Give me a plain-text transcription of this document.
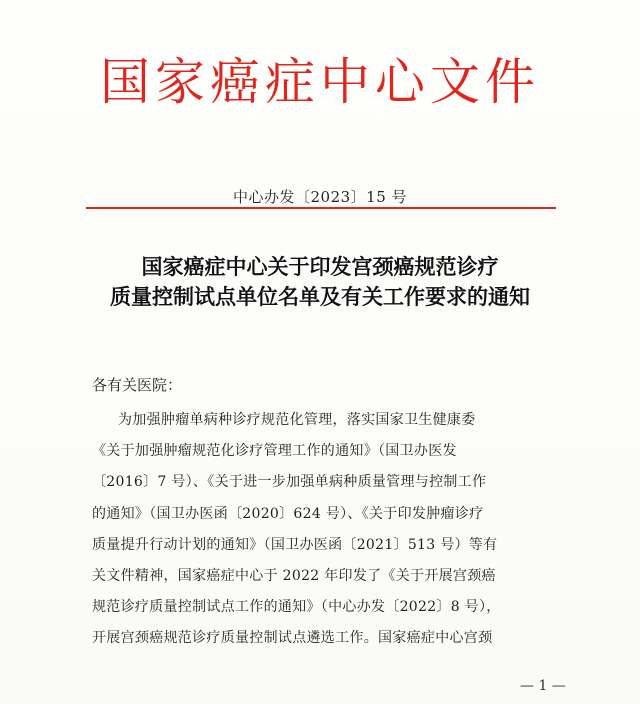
国家癌症中心文件
中心办发〔2023〕15 号
国家癌症中心关于印发宫颈癌规范诊疗
质量控制试点单位名单及有关工作要求的通知
各有关医院：
为加强肿瘤单病种诊疗规范化管理，落实国家卫生健康委
《关于加强肿瘤规范化诊疗管理工作的通知》（国卫办医发
〔2016〕7 号）、《关于进一步加强单病种质量管理与控制工作
的通知》（国卫办医函〔2020〕624 号）、《关于印发肿瘤诊疗
质量提升行动计划的通知》（国卫办医函〔2021〕513 号）等有
关文件精神，国家癌症中心于 2022 年印发了《关于开展宫颈癌
规范诊疗质量控制试点工作的通知》（中心办发〔2022〕8 号），
开展宫颈癌规范诊疗质量控制试点遴选工作。国家癌症中心宫颈
— 1 —
